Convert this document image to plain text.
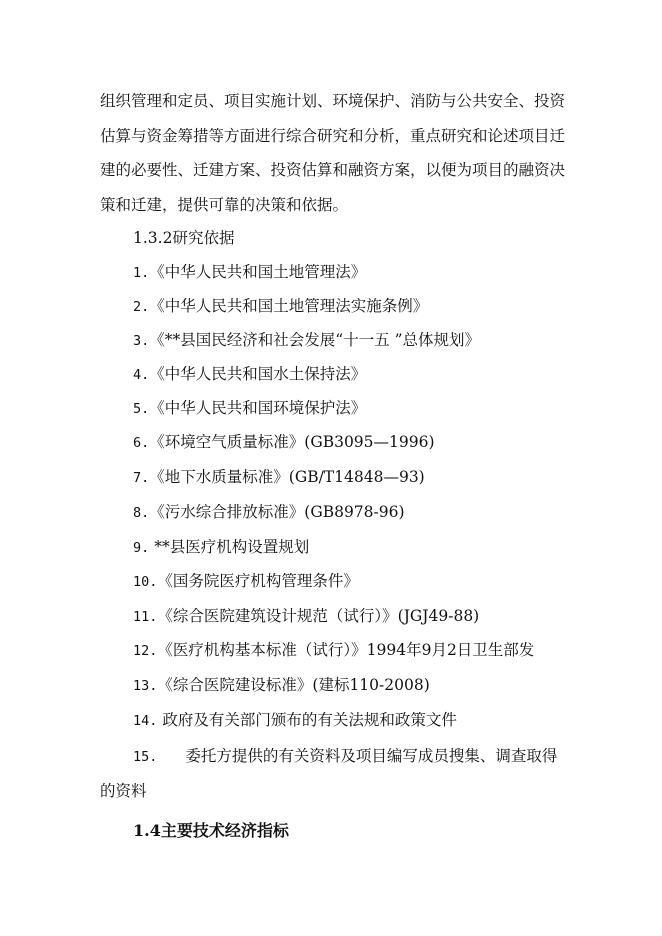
组织管理和定员、项目实施计划、环境保护、消防与公共安全、投资估算与资金筹措等方面进行综合研究和分析，重点研究和论述项目迁建的必要性、迁建方案、投资估算和融资方案，以便为项目的融资决策和迁建，提供可靠的决策和依据。
1.3.2研究依据
1.《中华人民共和国土地管理法》
2.《中华人民共和国土地管理法实施条例》
3.《**县国民经济和社会发展“十一五 ”总体规划》
4.《中华人民共和国水土保持法》
5.《中华人民共和国环境保护法》
6.《环境空气质量标准》(GB3095—1996)
7.《地下水质量标准》(GB/T14848—93)
8.《污水综合排放标准》(GB8978-96)
9. **县医疗机构设置规划
10.《国务院医疗机构管理条件》
11.《综合医院建筑设计规范（试行）》(JGJ49-88)
12.《医疗机构基本标准（试行）》1994年9月2日卫生部发
13.《综合医院建设标准》(建标110-2008)
14. 政府及有关部门颁布的有关法规和政策文件
15. 委托方提供的有关资料及项目编写成员搜集、调查取得的资料
1.4主要技术经济指标
